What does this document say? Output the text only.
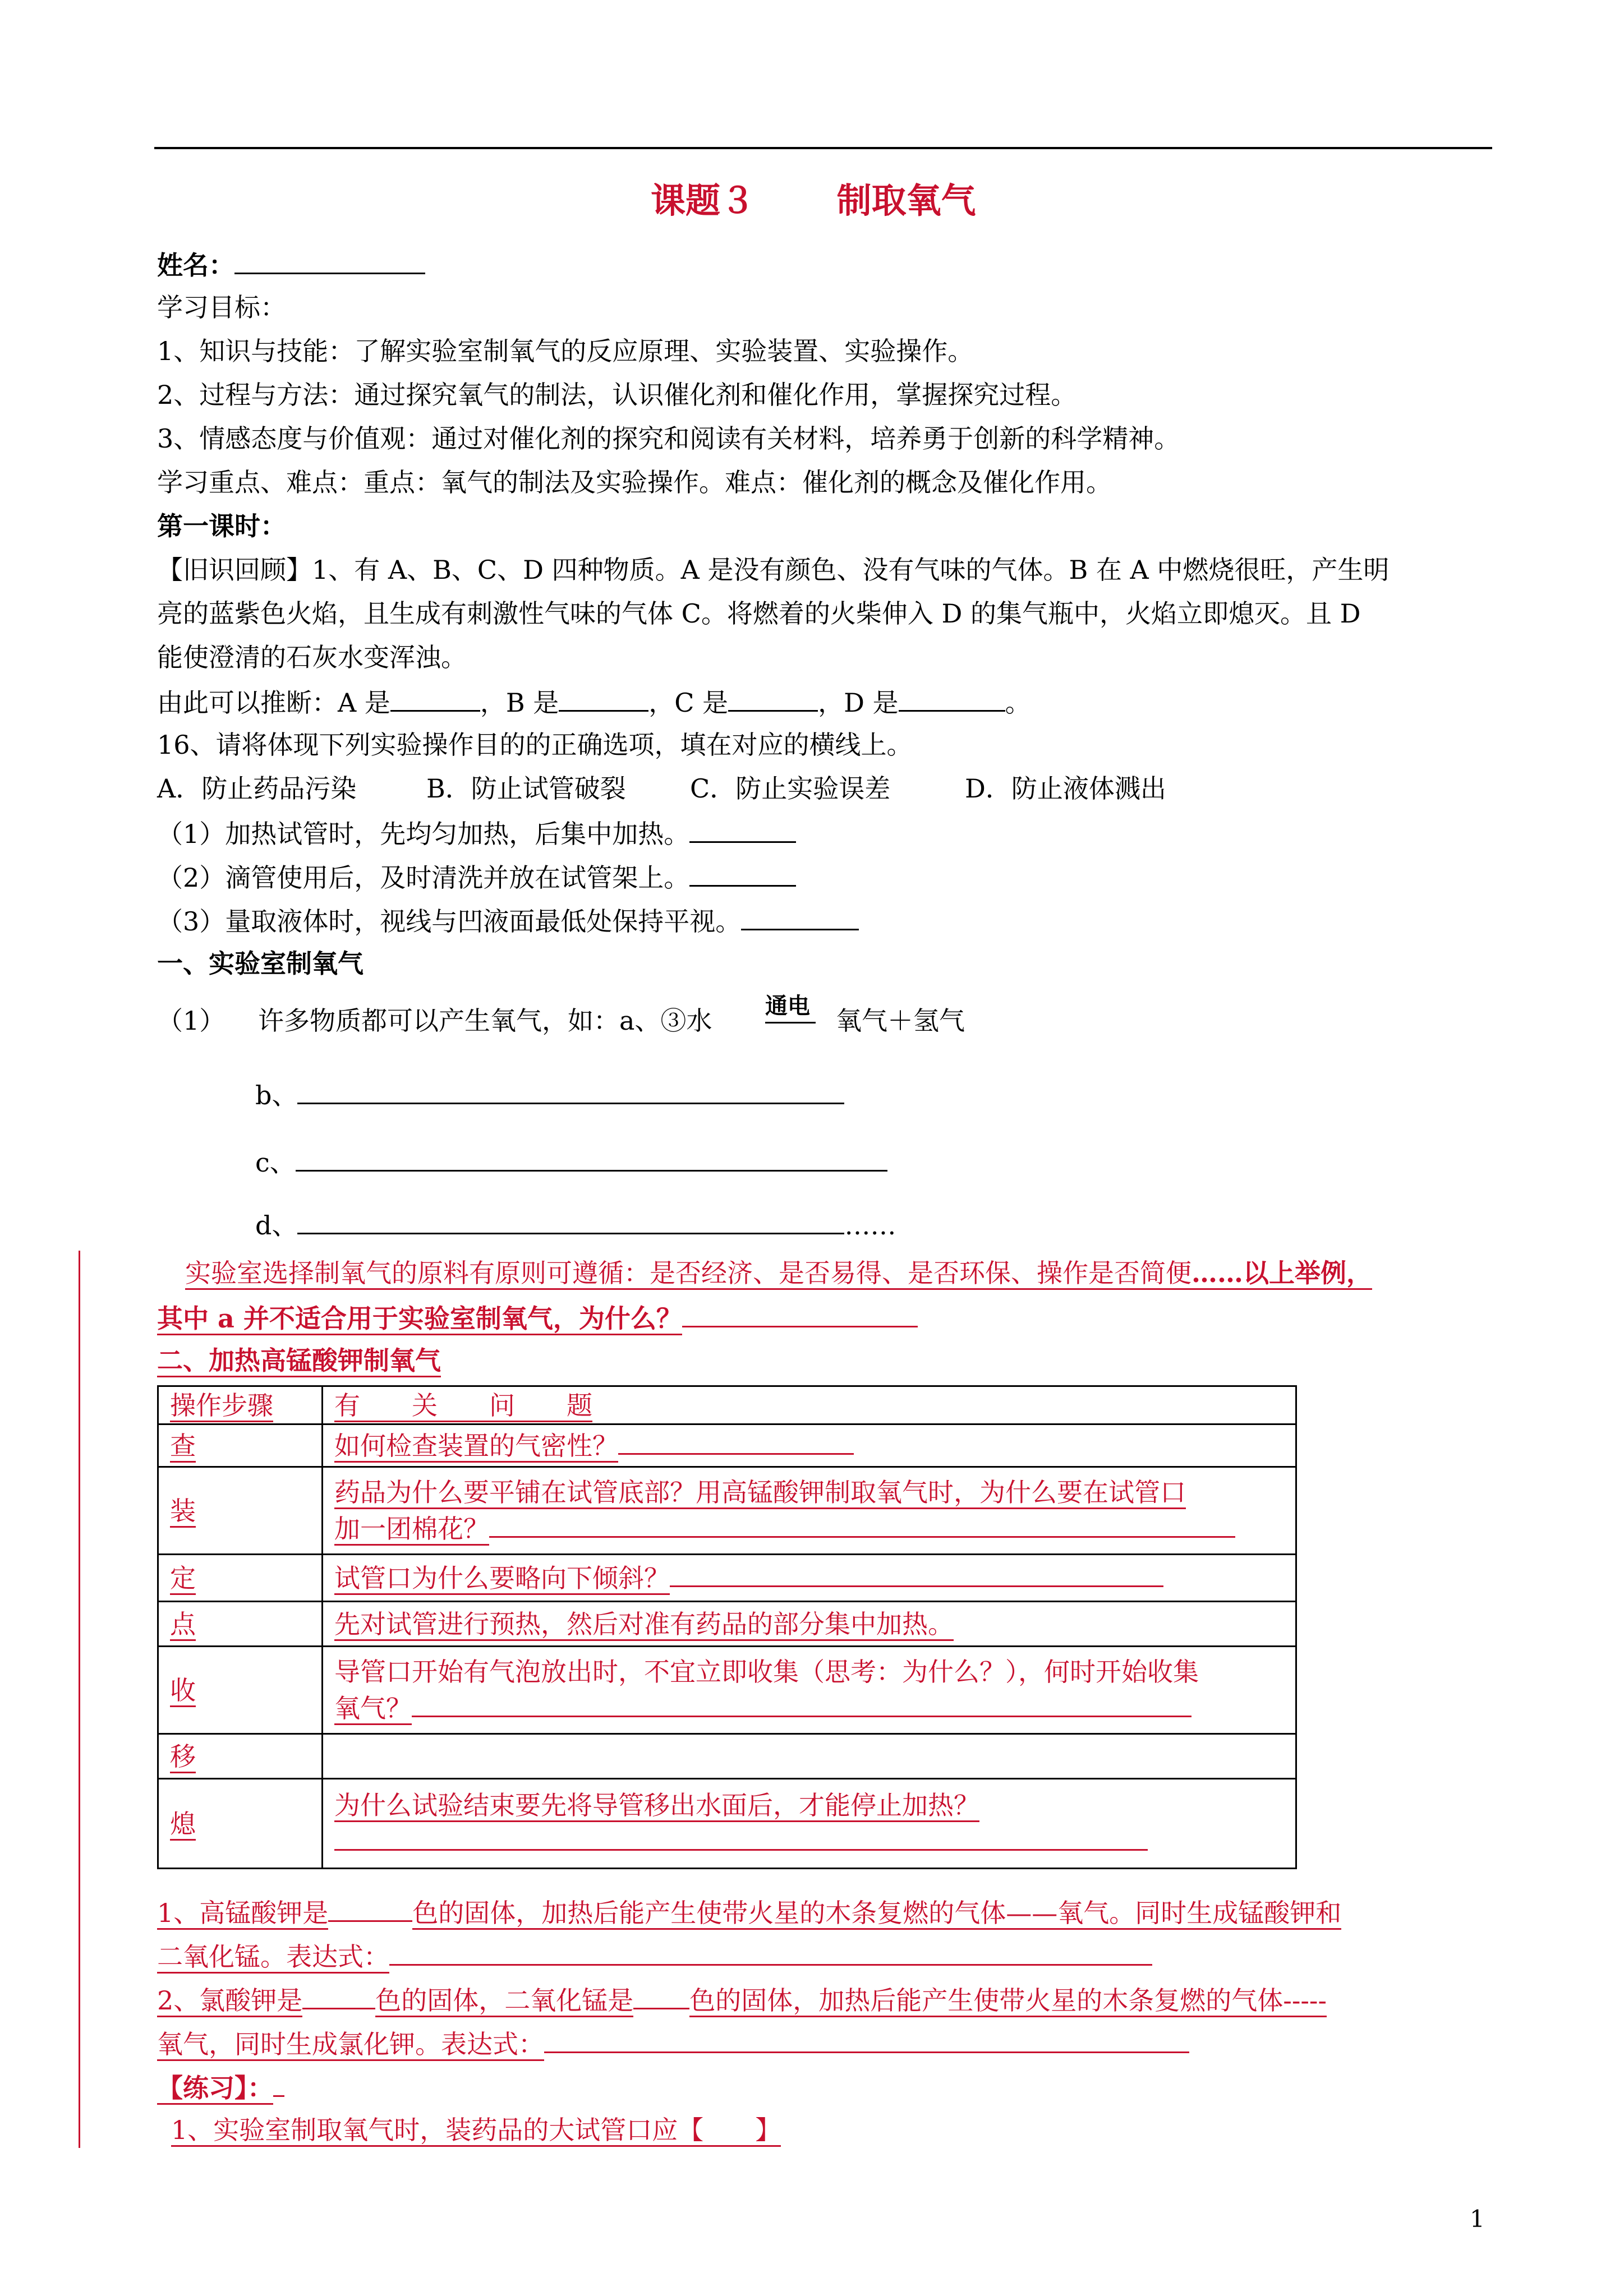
课题３ 　　制取氧气
姓名：
学习目标：
1、知识与技能：了解实验室制氧气的反应原理、实验装置、实验操作。
2、过程与方法：通过探究氧气的制法，认识催化剂和催化作用，掌握探究过程。
3、情感态度与价值观：通过对催化剂的探究和阅读有关材料，培养勇于创新的科学精神。
学习重点、难点：重点：氧气的制法及实验操作。难点：催化剂的概念及催化作用。
第一课时：
【旧识回顾】1、有 A、B、C、D 四种物质。A 是没有颜色、没有气味的气体。B 在 A 中燃烧很旺，产生明
亮的蓝紫色火焰，且生成有刺激性气味的气体 C。将燃着的火柴伸入 D 的集气瓶中，火焰立即熄灭。且 D
能使澄清的石灰水变浑浊。
由此可以推断：A 是	，B 是	，C 是	，D 是	。
16、请将体现下列实验操作目的的正确选项，填在对应的横线上。
A．防止药品污染	B．防止试管破裂 C．防止实验误差	D．防止液体溅出
（1）加热试管时，先均匀加热，后集中加热。
（2）滴管使用后，及时清洗并放在试管架上。
（3）量取液体时，视线与凹液面最低处保持平视。
一、实验室制氧气
（1） 许多物质都可以产生氧气，如：a、③水 通电 氧气＋氢气
b、
c、
d、	……
实验室选择制氧气的原料有原则可遵循：是否经济、是否易得、是否环保、操作是否简便……以上举例，
其中 a 并不适合用于实验室制氧气，为什么？
二、加热高锰酸钾制氧气
操作步骤	有　　关　　问　　题
查	如何检查装置的气密性？
装	药品为什么要平铺在试管底部？用高锰酸钾制取氧气时，为什么要在试管口
加一团棉花？
定	试管口为什么要略向下倾斜？
点	先对试管进行预热，然后对准有药品的部分集中加热。
收	导管口开始有气泡放出时，不宜立即收集（思考：为什么？），何时开始收集
氧气？
移	
熄	为什么试验结束要先将导管移出水面后，才能停止加热？

1、高锰酸钾是	色的固体，加热后能产生使带火星的木条复燃的气体——氧气。同时生成锰酸钾和
二氧化锰。表达式：
2、氯酸钾是	色的固体，二氧化锰是 色的固体，加热后能产生使带火星的木条复燃的气体-----
氧气，同时生成氯化钾。表达式：
【练习】：
1、实验室制取氧气时，装药品的大试管口应【　　】
1
